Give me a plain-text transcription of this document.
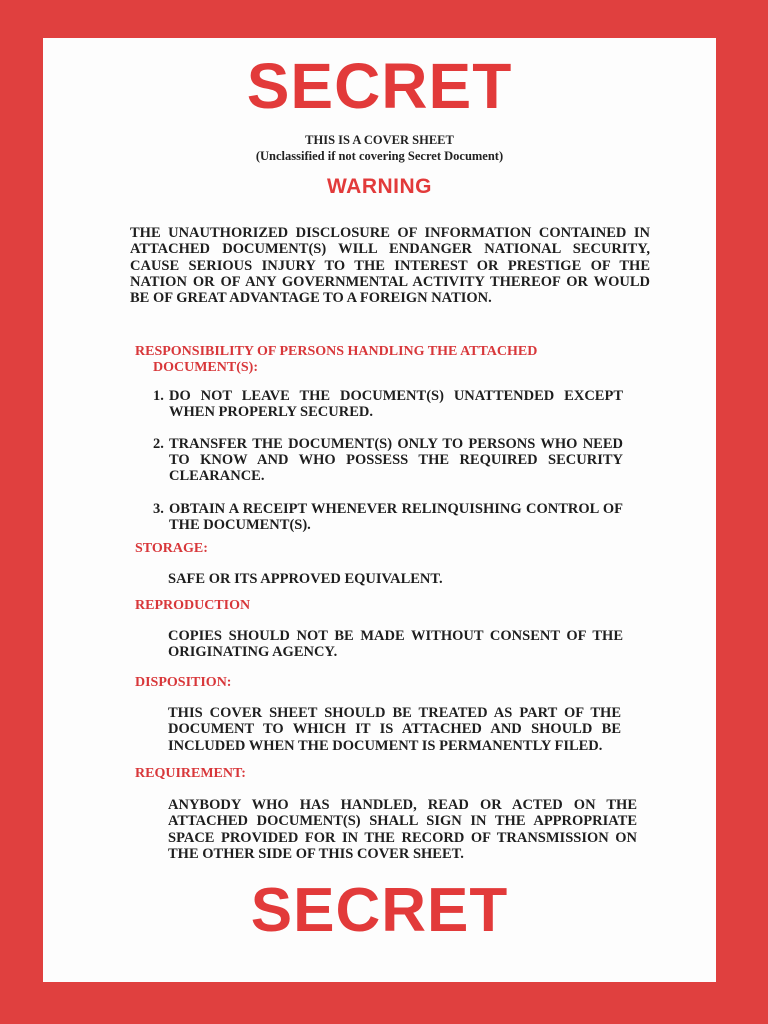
SECRET
THIS IS A COVER SHEET
(Unclassified if not covering Secret Document)
WARNING
THE UNAUTHORIZED DISCLOSURE OF INFORMATION CONTAINED IN ATTACHED DOCUMENT(S) WILL ENDANGER NATIONAL SECURITY, CAUSE SERIOUS INJURY TO THE INTEREST OR PRESTIGE OF THE NATION OR OF ANY GOVERNMENTAL ACTIVITY THEREOF OR WOULD BE OF GREAT ADVANTAGE TO A FOREIGN NATION.
RESPONSIBILITY OF PERSONS HANDLING THE ATTACHED
DOCUMENT(S):
1. DO NOT LEAVE THE DOCUMENT(S) UNATTENDED EXCEPT WHEN PROPERLY SECURED.
2. TRANSFER THE DOCUMENT(S) ONLY TO PERSONS WHO NEED TO KNOW AND WHO POSSESS THE REQUIRED SECURITY CLEARANCE.
3. OBTAIN A RECEIPT WHENEVER RELINQUISHING CONTROL OF THE DOCUMENT(S).
STORAGE:
SAFE OR ITS APPROVED EQUIVALENT.
REPRODUCTION
COPIES SHOULD NOT BE MADE WITHOUT CONSENT OF THE ORIGINATING AGENCY.
DISPOSITION:
THIS COVER SHEET SHOULD BE TREATED AS PART OF THE DOCUMENT TO WHICH IT IS ATTACHED AND SHOULD BE INCLUDED WHEN THE DOCUMENT IS PERMANENTLY FILED.
REQUIREMENT:
ANYBODY WHO HAS HANDLED, READ OR ACTED ON THE ATTACHED DOCUMENT(S) SHALL SIGN IN THE APPROPRIATE SPACE PROVIDED FOR IN THE RECORD OF TRANSMISSION ON THE OTHER SIDE OF THIS COVER SHEET.
SECRET
